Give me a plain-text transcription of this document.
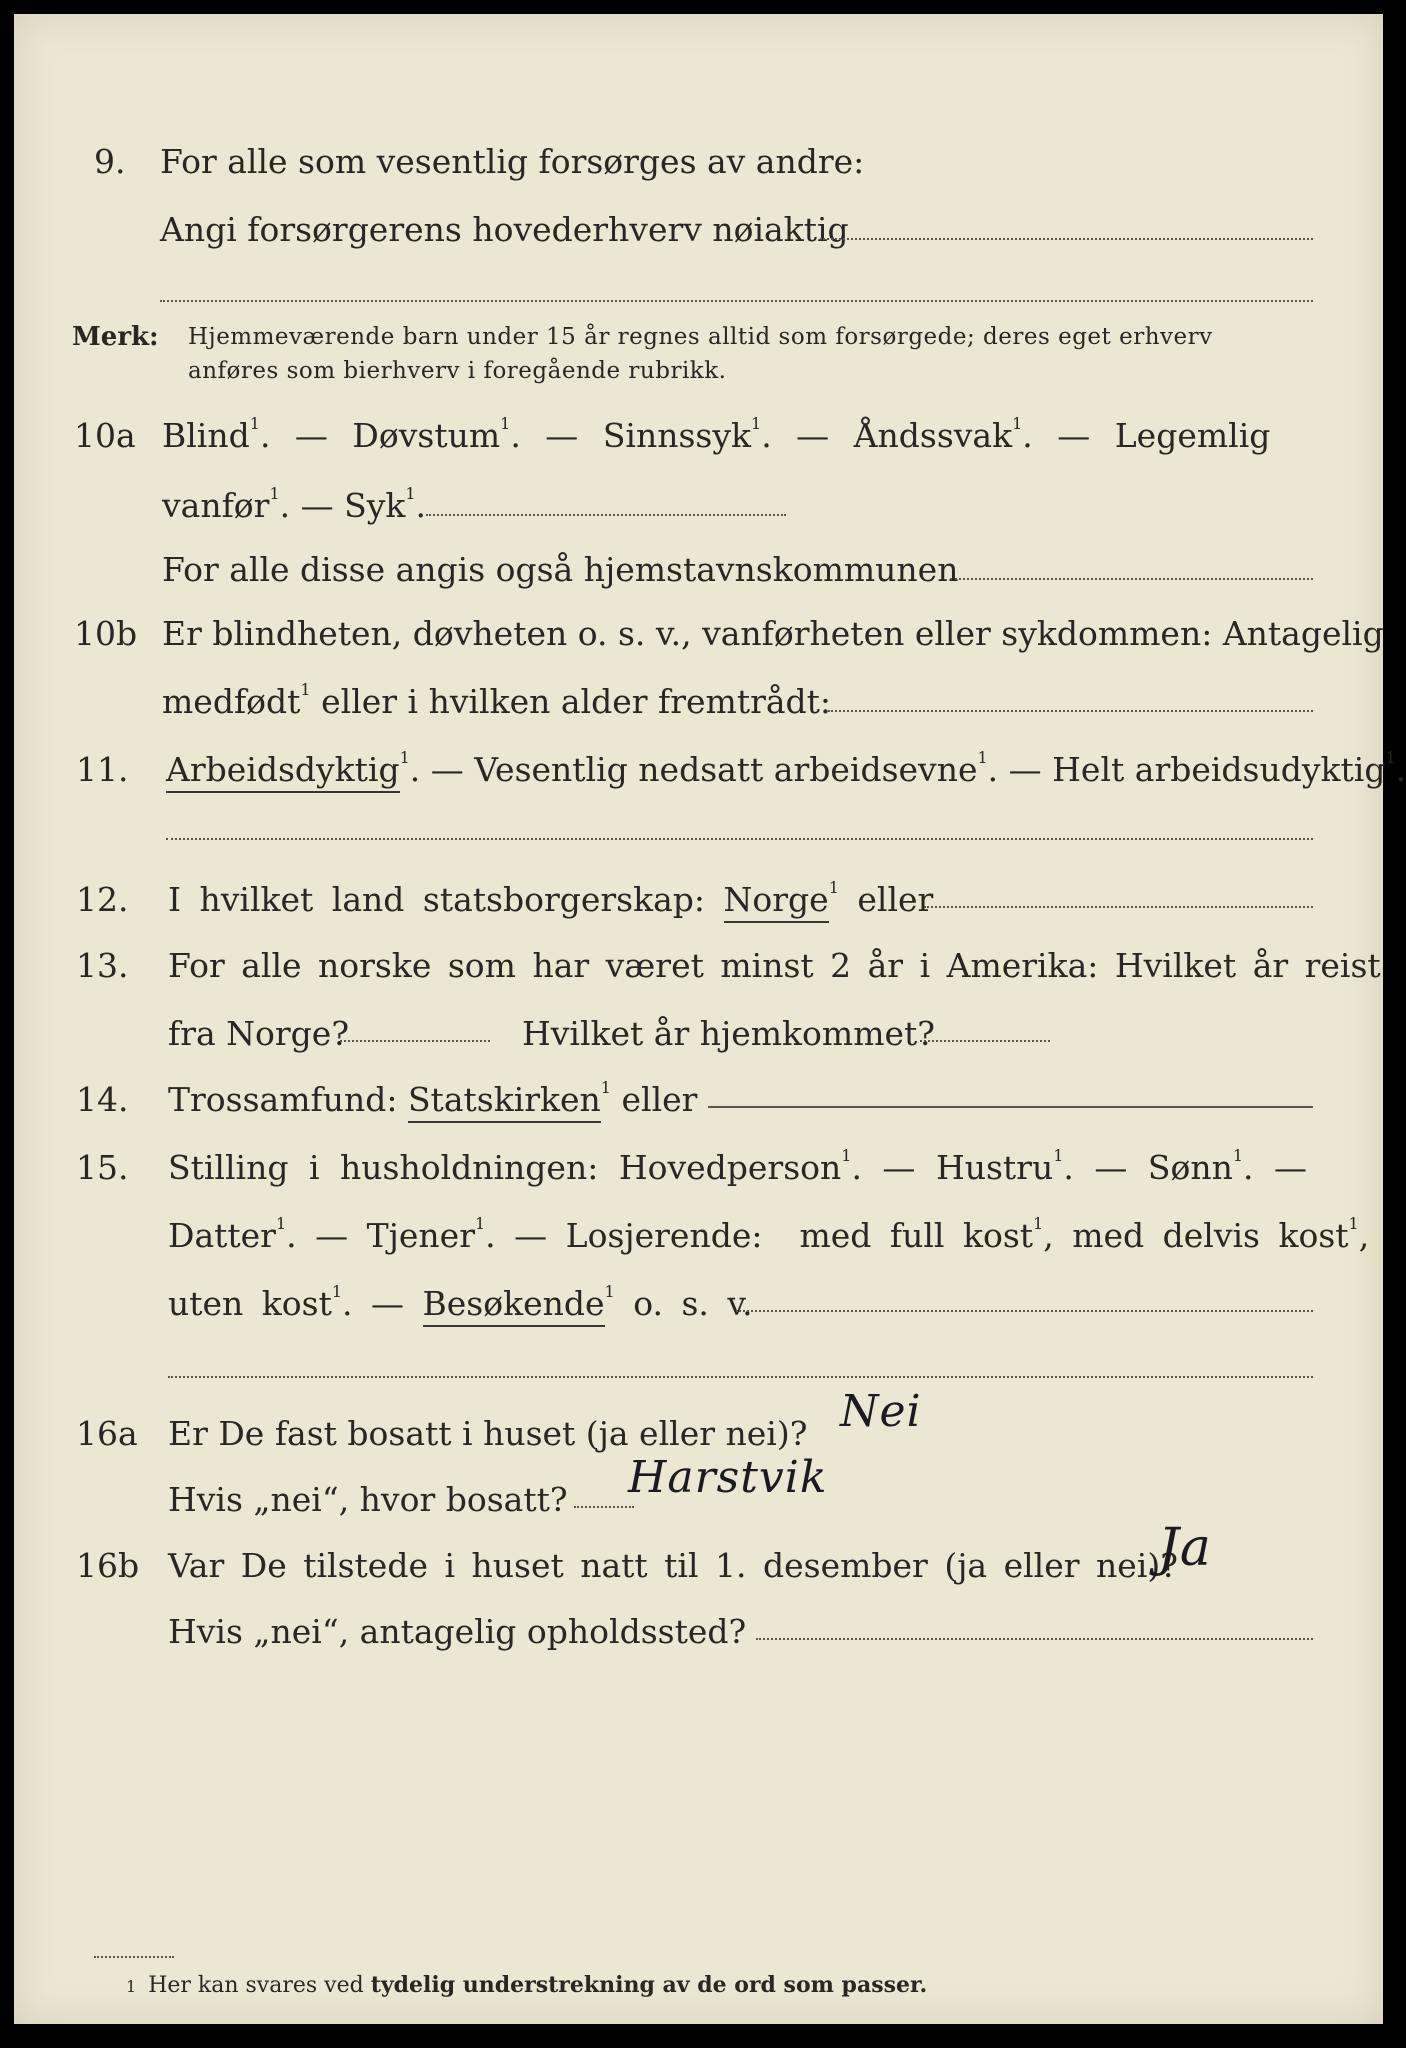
9. For alle som vesentlig forsørges av andre:
Angi forsørgerens hovederhverv nøiaktig
Merk: Hjemmeværende barn under 15 år regnes alltid som forsørgede; deres eget erhverv
anføres som bierhverv i foregående rubrikk.
10a Blind$^1$. — Døvstum$^1$. — Sinnssyk$^1$. — Åndssvak$^1$. — Legemlig
vanfør$^1$. — Syk$^1$.
For alle disse angis også hjemstavnskommunen
10b Er blindheten, døvheten o. s. v., vanførheten eller sykdommen: Antagelig
medfødt$^1$ eller i hvilken alder fremtrådt:
11. Arbeidsdyktig$^1$. — Vesentlig nedsatt arbeidsevne$^1$. — Helt arbeidsudyktig$^1$.
12. I hvilket land statsborgerskap: Norge$^1$ eller
13. For alle norske som har været minst 2 år i Amerika: Hvilket år reist
fra Norge?	Hvilket år hjemkommet?
14. Trossamfund: Statskirken$^1$ eller
15. Stilling i husholdningen: Hovedperson$^1$. — Hustru$^1$. — Sønn$^1$. —
Datter$^1$. — Tjener$^1$. — Losjerende: med full kost$^1$, med delvis kost$^1$,
uten kost$^1$. — Besøkende$^1$ o. s. v.
16a Er De fast bosatt i huset (ja eller nei)? Nei
Hvis „nei“, hvor bosatt? Harstvik
16b Var De tilstede i huset natt til 1. desember (ja eller nei)?
Ja
Hvis „nei“, antagelig opholdssted?
1 Her kan svares ved tydelig understrekning av de ord som passer.
